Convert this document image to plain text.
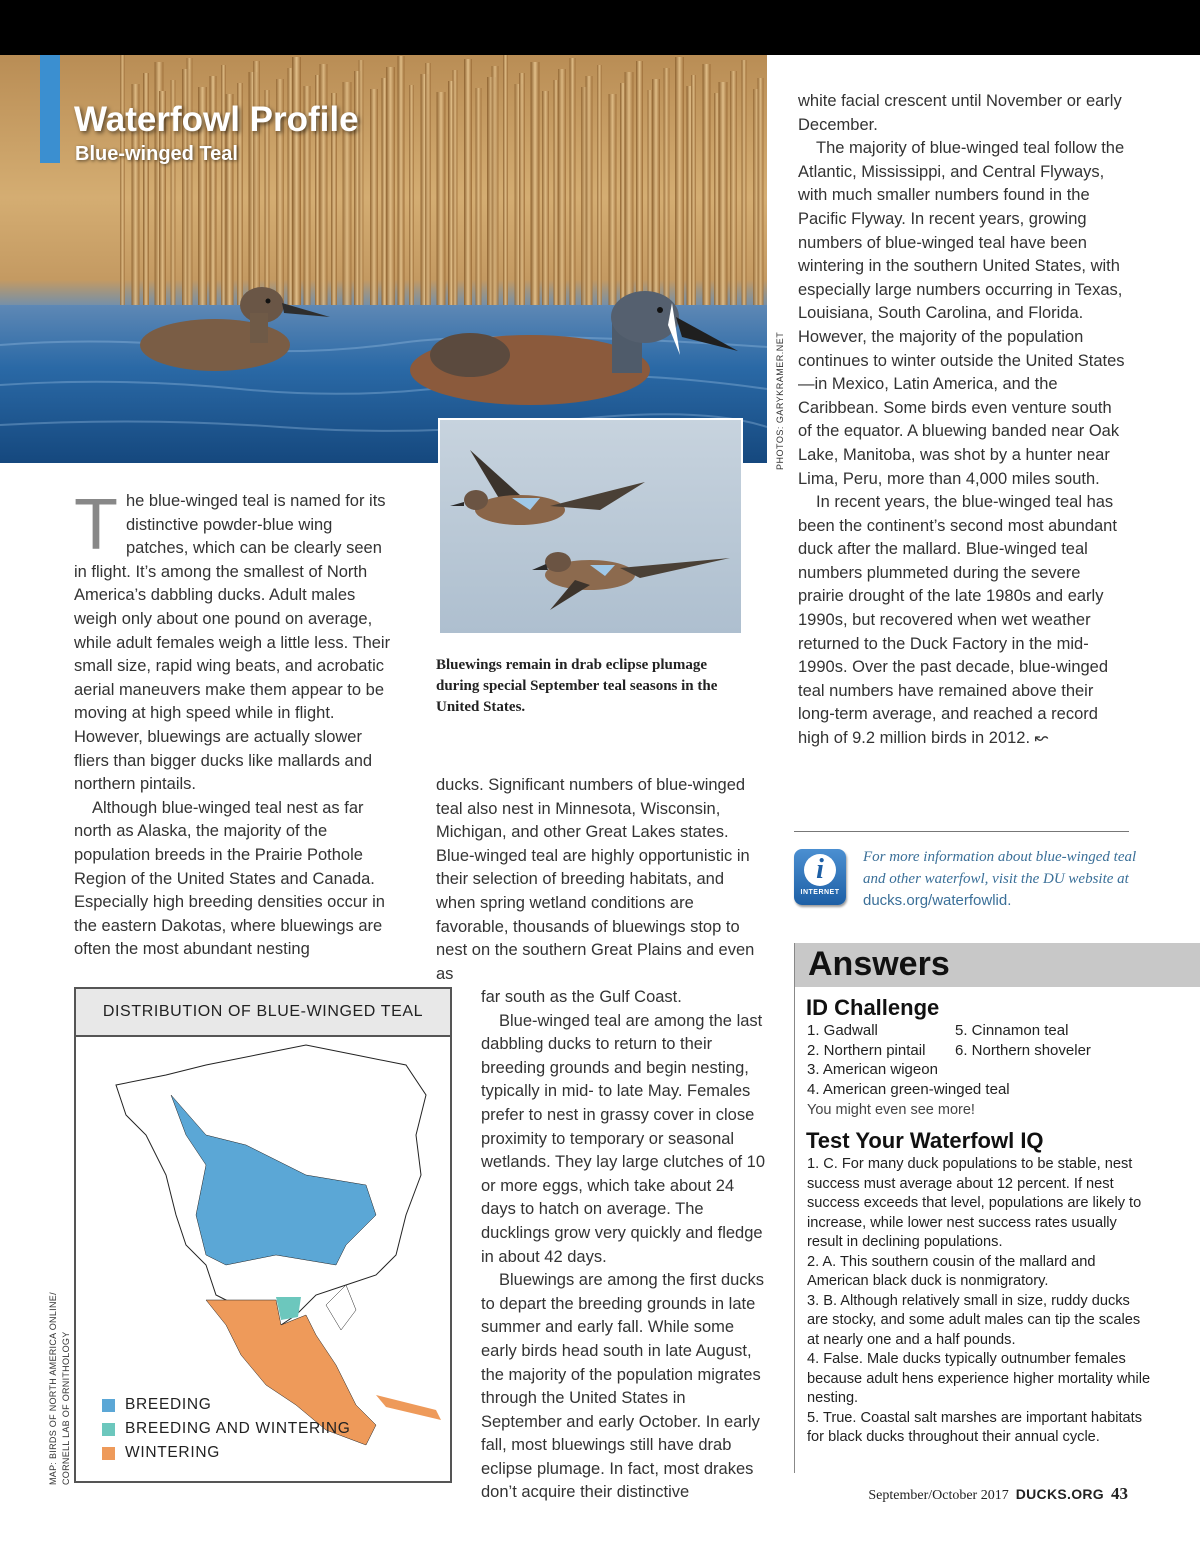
Waterfowl Profile
Blue-winged Teal
PHOTOS: GARYKRAMER.NET

Bluewings remain in drab eclipse plumage during special September teal seasons in the United States.

The blue-winged teal is named for its distinctive powder-blue wing patches, which can be clearly seen in flight. It’s among the smallest of North America’s dabbling ducks. Adult males weigh only about one pound on average, while adult females weigh a little less. Their small size, rapid wing beats, and acrobatic aerial maneuvers make them appear to be moving at high speed while in flight. However, bluewings are actually slower fliers than bigger ducks like mallards and northern pintails.

Although blue-winged teal nest as far north as Alaska, the majority of the population breeds in the Prairie Pothole Region of the United States and Canada. Especially high breeding densities occur in the eastern Dakotas, where bluewings are often the most abundant nesting

ducks. Significant numbers of blue-winged teal also nest in Minnesota, Wisconsin, Michigan, and other Great Lakes states. Blue-winged teal are highly opportunistic in their selection of breeding habitats, and when spring wetland conditions are favorable, thousands of bluewings stop to nest on the southern Great Plains and even as

far south as the Gulf Coast.

Blue-winged teal are among the last dabbling ducks to return to their breeding grounds and begin nesting, typically in mid- to late May. Females prefer to nest in grassy cover in close proximity to temporary or seasonal wetlands. They lay large clutches of 10 or more eggs, which take about 24 days to hatch on average. The ducklings grow very quickly and fledge in about 42 days.

Bluewings are among the first ducks to depart the breeding grounds in late summer and early fall. While some early birds head south in late August, the majority of the population migrates through the United States in September and early October. In early fall, most bluewings still have drab eclipse plumage. In fact, most drakes don’t acquire their distinctive

white facial crescent until November or early December.

The majority of blue-winged teal follow the Atlantic, Mississippi, and Central Flyways, with much smaller numbers found in the Pacific Flyway. In recent years, growing numbers of blue-winged teal have been wintering in the southern United States, with especially large numbers occurring in Texas, Louisiana, South Carolina, and Florida. However, the majority of the population continues to winter outside the United States—in Mexico, Latin America, and the Caribbean. Some birds even venture south of the equator. A bluewing banded near Oak Lake, Manitoba, was shot by a hunter near Lima, Peru, more than 4,000 miles south.

In recent years, the blue-winged teal has been the continent’s second most abundant duck after the mallard. Blue-winged teal numbers plummeted during the severe prairie drought of the late 1980s and early 1990s, but recovered when wet weather returned to the Duck Factory in the mid-1990s. Over the past decade, blue-winged teal numbers have remained above their long-term average, and reached a record high of 9.2 million birds in 2012. ↜

DISTRIBUTION OF BLUE-WINGED TEAL
BREEDING
BREEDING AND WINTERING
WINTERING
MAP: BIRDS OF NORTH AMERICA ONLINE/ CORNELL LAB OF ORNITHOLOGY
i
INTERNET

For more information about blue-winged teal and other waterfowl, visit the DU website at ducks.org/waterfowlid.

Answers
ID Challenge
1. Gadwall	5. Cinnamon teal
2. Northern pintail	6. Northern shoveler
3. American wigeon
4. American green-winged teal

You might even see more!

Test Your Waterfowl IQ

1. C. For many duck populations to be stable, nest success must average about 12 percent. If nest success exceeds that level, populations are likely to increase, while lower nest success rates usually result in declining populations.

2. A. This southern cousin of the mallard and American black duck is nonmigratory.

3. B. Although relatively small in size, ruddy ducks are stocky, and some adult males can tip the scales at nearly one and a half pounds.

4. False. Male ducks typically outnumber females because adult hens experience higher mortality while nesting.

5. True. Coastal salt marshes are important habitats for black ducks throughout their annual cycle.

September/October 2017 DUCKS.ORG 43
